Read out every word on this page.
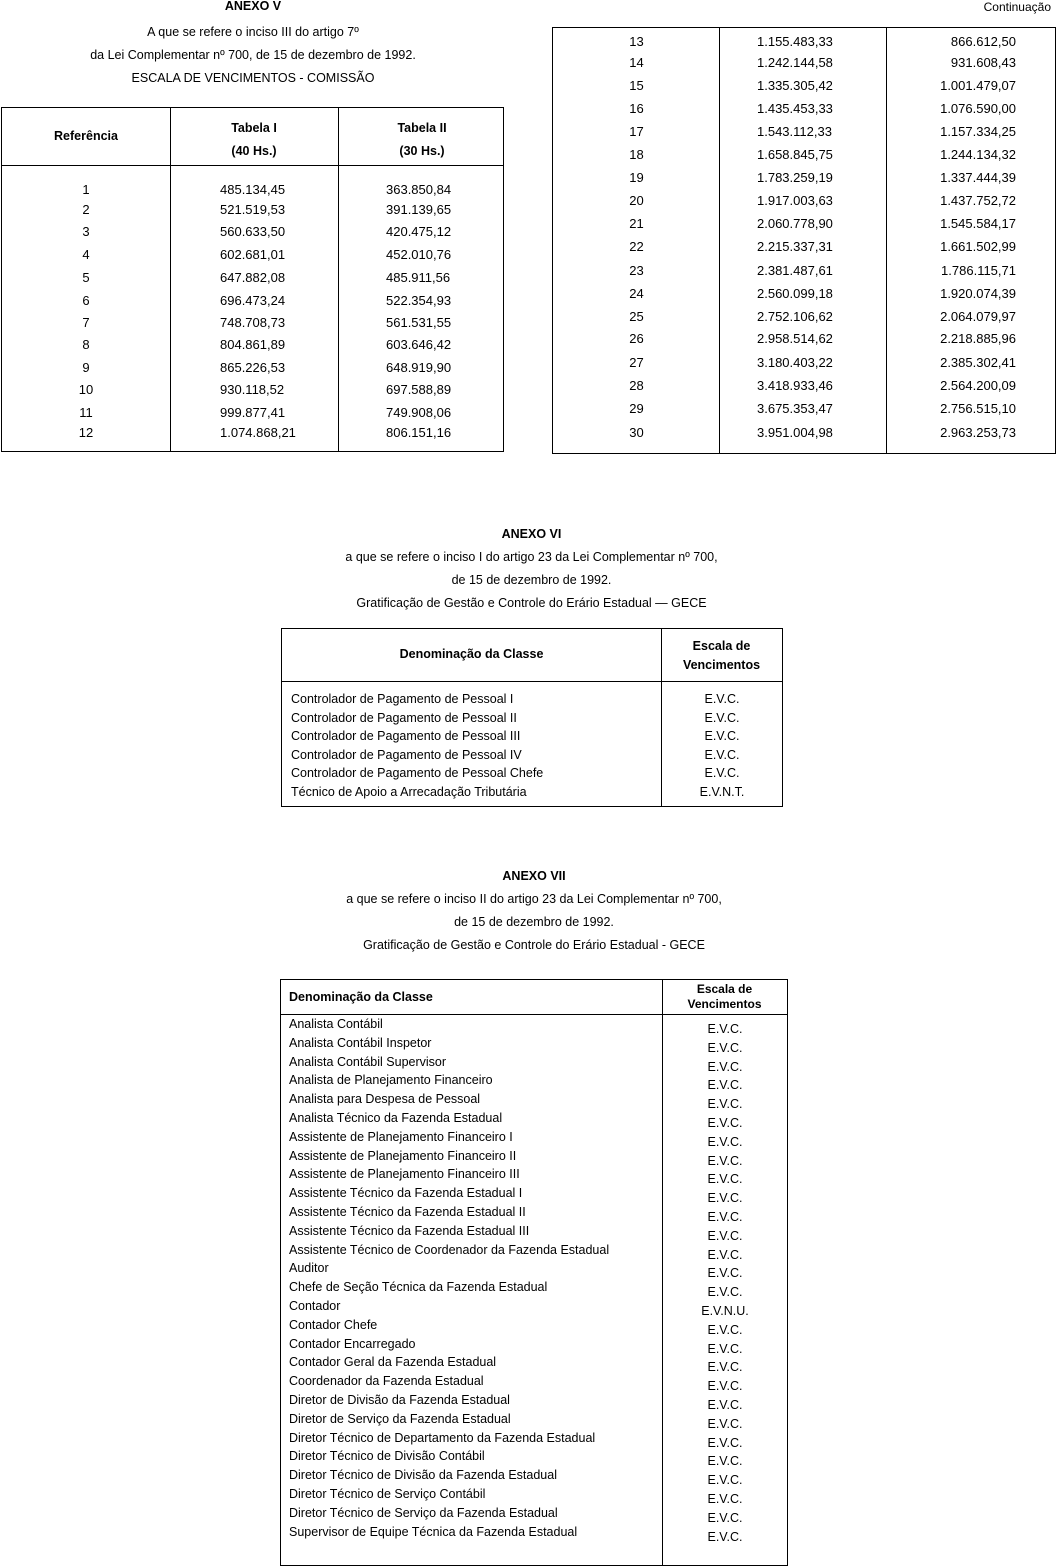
ANEXO V
A que se refere o inciso III do artigo 7º
da Lei Complementar nº 700, de 15 de dezembro de 1992.
ESCALA DE VENCIMENTOS - COMISSÃO
Continuação
Referência
Tabela I
(40 Hs.)
Tabela II
(30 Hs.)
1	485.134,45	363.850,84
2	521.519,53	391.139,65
3	560.633,50	420.475,12
4	602.681,01	452.010,76
5	647.882,08	485.911,56
6	696.473,24	522.354,93
7	748.708,73	561.531,55
8	804.861,89	603.646,42
9	865.226,53	648.919,90
10	930.118,52	697.588,89
11	999.877,41	749.908,06
12	1.074.868,21	806.151,16
13	1.155.483,33	866.612,50
14	1.242.144,58	931.608,43
15	1.335.305,42	1.001.479,07
16	1.435.453,33	1.076.590,00
17	1.543.112,33	1.157.334,25
18	1.658.845,75	1.244.134,32
19	1.783.259,19	1.337.444,39
20	1.917.003,63	1.437.752,72
21	2.060.778,90	1.545.584,17
22	2.215.337,31	1.661.502,99
23	2.381.487,61	1.786.115,71
24	2.560.099,18	1.920.074,39
25	2.752.106,62	2.064.079,97
26	2.958.514,62	2.218.885,96
27	3.180.403,22	2.385.302,41
28	3.418.933,46	2.564.200,09
29	3.675.353,47	2.756.515,10
30	3.951.004,98	2.963.253,73
ANEXO VI
a que se refere o inciso I do artigo 23 da Lei Complementar nº 700,
de 15 de dezembro de 1992.
Gratificação de Gestão e Controle do Erário Estadual — GECE
Denominação da Classe
Escala de
Vencimentos
Controlador de Pagamento de Pessoal I	E.V.C.
Controlador de Pagamento de Pessoal II	E.V.C.
Controlador de Pagamento de Pessoal III	E.V.C.
Controlador de Pagamento de Pessoal IV	E.V.C.
Controlador de Pagamento de Pessoal Chefe	E.V.C.
Técnico de Apoio a Arrecadação Tributária	E.V.N.T.
ANEXO VII
a que se refere o inciso II do artigo 23 da Lei Complementar nº 700,
de 15 de dezembro de 1992.
Gratificação de Gestão e Controle do Erário Estadual - GECE
Denominação da Classe
Escala de
Vencimentos
Analista Contábil	E.V.C.
Analista Contábil Inspetor	E.V.C.
Analista Contábil Supervisor	E.V.C.
Analista de Planejamento Financeiro	E.V.C.
Analista para Despesa de Pessoal	E.V.C.
Analista Técnico da Fazenda Estadual	E.V.C.
Assistente de Planejamento Financeiro I	E.V.C.
Assistente de Planejamento Financeiro II	E.V.C.
Assistente de Planejamento Financeiro III	E.V.C.
Assistente Técnico da Fazenda Estadual I	E.V.C.
Assistente Técnico da Fazenda Estadual II	E.V.C.
Assistente Técnico da Fazenda Estadual III	E.V.C.
Assistente Técnico de Coordenador da Fazenda Estadual	E.V.C.
Auditor	E.V.C.
Chefe de Seção Técnica da Fazenda Estadual	E.V.C.
Contador	E.V.N.U.
Contador Chefe	E.V.C.
Contador Encarregado	E.V.C.
Contador Geral da Fazenda Estadual	E.V.C.
Coordenador da Fazenda Estadual	E.V.C.
Diretor de Divisão da Fazenda Estadual	E.V.C.
Diretor de Serviço da Fazenda Estadual	E.V.C.
Diretor Técnico de Departamento da Fazenda Estadual	E.V.C.
Diretor Técnico de Divisão Contábil	E.V.C.
Diretor Técnico de Divisão da Fazenda Estadual	E.V.C.
Diretor Técnico de Serviço Contábil	E.V.C.
Diretor Técnico de Serviço da Fazenda Estadual	E.V.C.
Supervisor de Equipe Técnica da Fazenda Estadual	E.V.C.
